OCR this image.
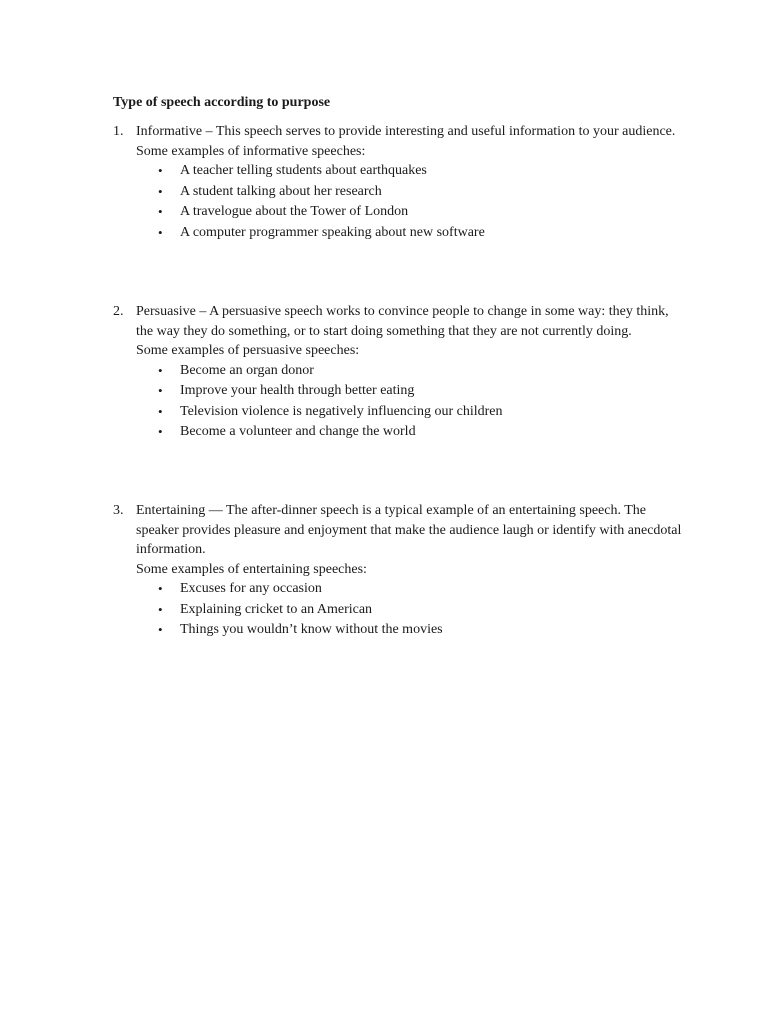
Type of speech according to purpose
1. Informative – This speech serves to provide interesting and useful information to your audience.
Some examples of informative speeches:
• A teacher telling students about earthquakes
• A student talking about her research
• A travelogue about the Tower of London
• A computer programmer speaking about new software
2. Persuasive – A persuasive speech works to convince people to change in some way: they think, the way they do something, or to start doing something that they are not currently doing.
Some examples of persuasive speeches:
• Become an organ donor
• Improve your health through better eating
• Television violence is negatively influencing our children
• Become a volunteer and change the world
3. Entertaining — The after-dinner speech is a typical example of an entertaining speech. The speaker provides pleasure and enjoyment that make the audience laugh or identify with anecdotal information.
Some examples of entertaining speeches:
• Excuses for any occasion
• Explaining cricket to an American
• Things you wouldn’t know without the movies
